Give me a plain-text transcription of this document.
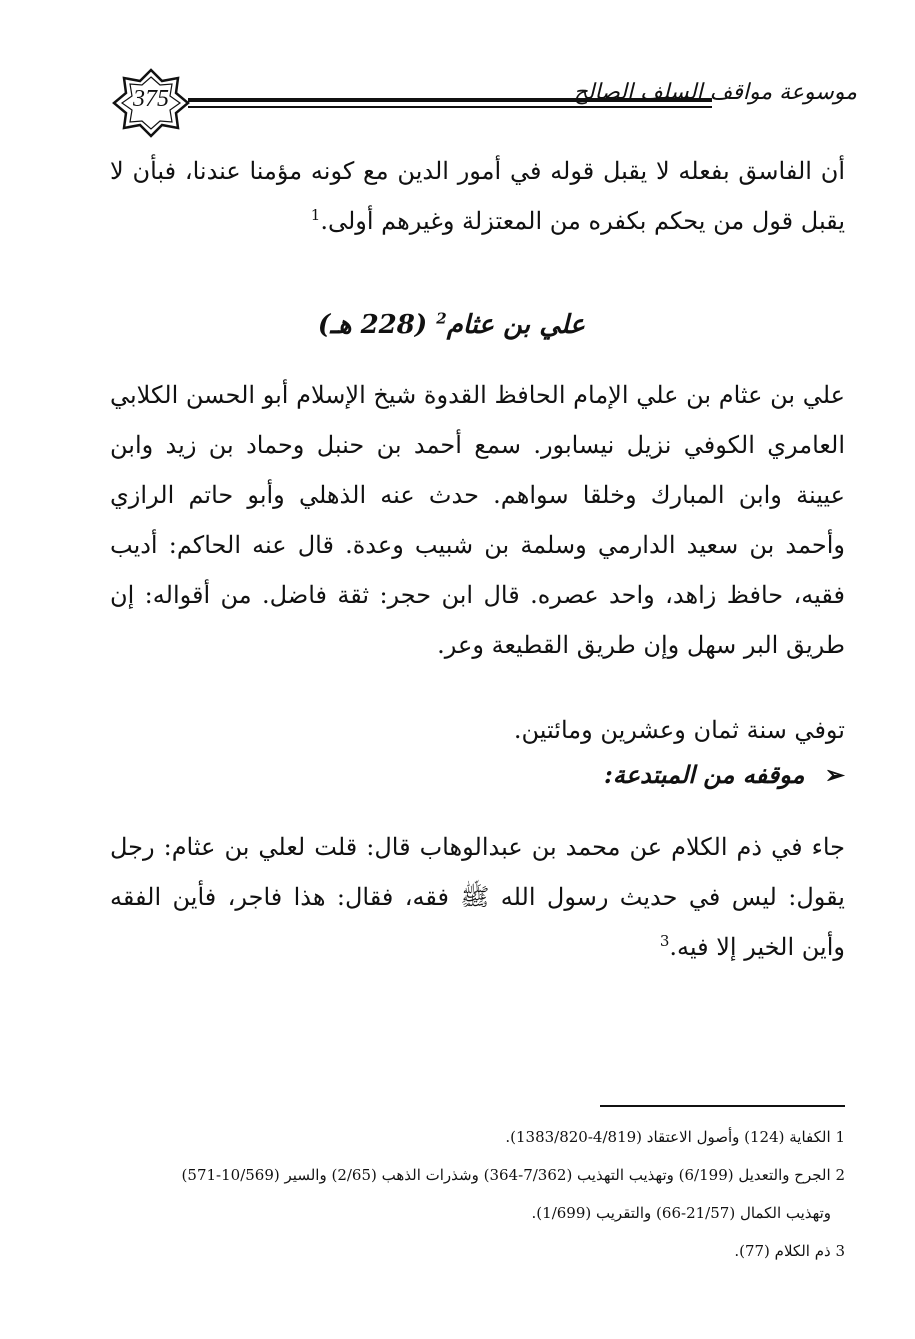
375	موسوعة مواقف السلف الصالح
أن الفاسق بفعله لا يقبل قوله في أمور الدين مع كونه مؤمنا عندنا، فبأن لا يقبل قول من يحكم بكفره من المعتزلة وغيرهم أولى.$^1$
علي بن عثام$^2$ (228 هـ)
علي بن عثام بن علي الإمام الحافظ القدوة شيخ الإسلام أبو الحسن الكلابي العامري الكوفي نزيل نيسابور. سمع أحمد بن حنبل وحماد بن زيد وابن عيينة وابن المبارك وخلقا سواهم. حدث عنه الذهلي وأبو حاتم الرازي وأحمد بن سعيد الدارمي وسلمة بن شبيب وعدة. قال عنه الحاكم: أديب فقيه، حافظ زاهد، واحد عصره. قال ابن حجر: ثقة فاضل. من أقواله: إن طريق البر سهل وإن طريق القطيعة وعر.
توفي سنة ثمان وعشرين ومائتين.
➢ موقفه من المبتدعة:
جاء في ذم الكلام عن محمد بن عبدالوهاب قال: قلت لعلي بن عثام: رجل يقول: ليس في حديث رسول الله ﷺ فقه، فقال: هذا فاجر، فأين الفقه وأين الخير إلا فيه.$^3$
1 الكفاية (124) وأصول الاعتقاد (4/819-1383/820).
2 الجرح والتعديل (6/199) وتهذيب التهذيب (7/362-364) وشذرات الذهب (2/65) والسير (10/569-571)
وتهذيب الكمال (21/57-66) والتقريب (1/699).
3 ذم الكلام (77).
